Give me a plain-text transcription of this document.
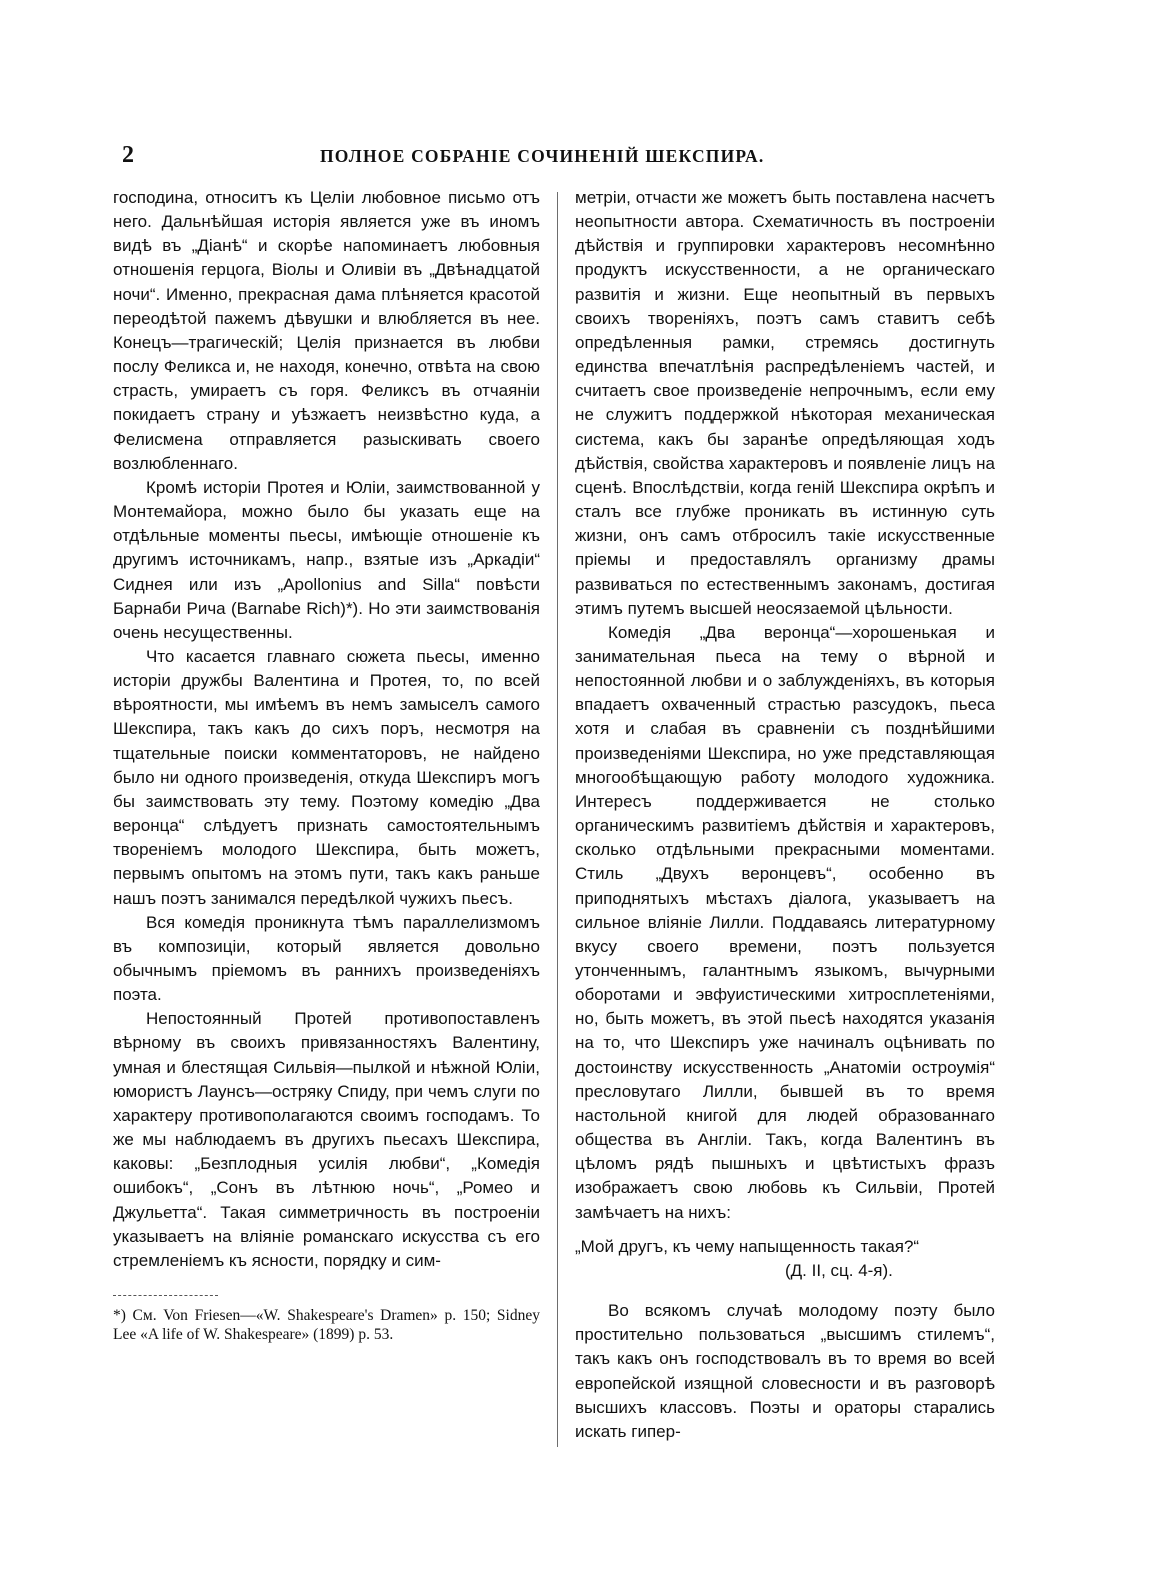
2	ПОЛНОЕ СОБРАНІЕ СОЧИНЕНІЙ ШЕКСПИРА.

господина, относитъ къ Целіи любовное письмо отъ него. Дальнѣйшая исторія является уже въ иномъ видѣ въ „Діанѣ“ и скорѣе напоминаетъ любовныя отношенія герцога, Віолы и Оливіи въ „Двѣнадцатой ночи“. Именно, прекрасная дама плѣняется красотой переодѣтой пажемъ дѣвушки и влюбляется въ нее. Конецъ—трагическій; Целія признается въ любви послу Феликса и, не находя, конечно, отвѣта на свою страсть, умираетъ съ горя. Феликсъ въ отчаяніи покидаетъ страну и уѣзжаетъ неизвѣстно куда, а Фелисмена отправляется разыскивать своего возлюбленнаго.

Кромѣ исторіи Протея и Юліи, заимствованной у Монтемайора, можно было бы указать еще на отдѣльные моменты пьесы, имѣющіе отношеніе къ другимъ источникамъ, напр., взятые изъ „Аркадіи“ Сиднея или изъ „Apollonius and Silla“ повѣсти Барнаби Рича (Barnabe Rich)*). Но эти заимствованія очень несущественны.

Что касается главнаго сюжета пьесы, именно исторіи дружбы Валентина и Протея, то, по всей вѣроятности, мы имѣемъ въ немъ замыселъ самого Шекспира, такъ какъ до сихъ поръ, несмотря на тщательные поиски комментаторовъ, не найдено было ни одного произведенія, откуда Шекспиръ могъ бы заимствовать эту тему. Поэтому комедію „Два веронца“ слѣдуетъ признать самостоятельнымъ твореніемъ молодого Шекспира, быть можетъ, первымъ опытомъ на этомъ пути, такъ какъ раньше нашъ поэтъ занимался передѣлкой чужихъ пьесъ.

Вся комедія проникнута тѣмъ параллелизмомъ въ композиціи, который является довольно обычнымъ пріемомъ въ раннихъ произведеніяхъ поэта.

Непостоянный Протей противопоставленъ вѣрному въ своихъ привязанностяхъ Валентину, умная и блестящая Сильвія—пылкой и нѣжной Юліи, юмористъ Лаунсъ—остряку Спиду, при чемъ слуги по характеру противополагаются своимъ господамъ. То же мы наблюдаемъ въ другихъ пьесахъ Шекспира, каковы: „Безплодныя усилія любви“, „Комедія ошибокъ“, „Сонъ въ лѣтнюю ночь“, „Ромео и Джульетта“. Такая симметричность въ построеніи указываетъ на вліяніе романскаго искусства съ его стремленіемъ къ ясности, порядку и сим-

*) См. Von Friesen—«W. Shakespeare's Dramen» p. 150; Sidney Lee «A life of W. Shakespeare» (1899) p. 53.

метріи, отчасти же можетъ быть поставлена насчетъ неопытности автора. Схематичность въ построеніи дѣйствія и группировки характеровъ несомнѣнно продуктъ искусственности, а не органическаго развитія и жизни. Еще неопытный въ первыхъ своихъ твореніяхъ, поэтъ самъ ставитъ себѣ опредѣленныя рамки, стремясь достигнуть единства впечатлѣнія распредѣленіемъ частей, и считаетъ свое произведеніе непрочнымъ, если ему не служитъ поддержкой нѣкоторая механическая система, какъ бы заранѣе опредѣляющая ходъ дѣйствія, свойства характеровъ и появленіе лицъ на сценѣ. Впослѣдствіи, когда геній Шекспира окрѣпъ и сталъ все глубже проникать въ истинную суть жизни, онъ самъ отбросилъ такіе искусственные пріемы и предоставлялъ организму драмы развиваться по естественнымъ законамъ, достигая этимъ путемъ высшей неосязаемой цѣльности.

Комедія „Два веронца“—хорошенькая и занимательная пьеса на тему о вѣрной и непостоянной любви и о заблужденіяхъ, въ которыя впадаетъ охваченный страстью разсудокъ, пьеса хотя и слабая въ сравненіи съ позднѣйшими произведеніями Шекспира, но уже представляющая многообѣщающую работу молодого художника. Интересъ поддерживается не столько органическимъ развитіемъ дѣйствія и характеровъ, сколько отдѣльными прекрасными моментами. Стиль „Двухъ веронцевъ“, особенно въ приподнятыхъ мѣстахъ діалога, указываетъ на сильное вліяніе Лилли. Поддаваясь литературному вкусу своего времени, поэтъ пользуется утонченнымъ, галантнымъ языкомъ, вычурными оборотами и эвфуистическими хитросплетеніями, но, быть можетъ, въ этой пьесѣ находятся указанія на то, что Шекспиръ уже начиналъ оцѣнивать по достоинству искусственность „Анатоміи остроумія“ пресловутаго Лилли, бывшей въ то время настольной книгой для людей образованнаго общества въ Англіи. Такъ, когда Валентинъ въ цѣломъ рядѣ пышныхъ и цвѣтистыхъ фразъ изображаетъ свою любовь къ Сильвіи, Протей замѣчаетъ на нихъ:

„Мой другъ, къ чему напыщенность такая?“
(Д. II, сц. 4-я).

Во всякомъ случаѣ молодому поэту было простительно пользоваться „высшимъ стилемъ“, такъ какъ онъ господствовалъ въ то время во всей европейской изящной словесности и въ разговорѣ высшихъ классовъ. Поэты и ораторы старались искать гипер-
